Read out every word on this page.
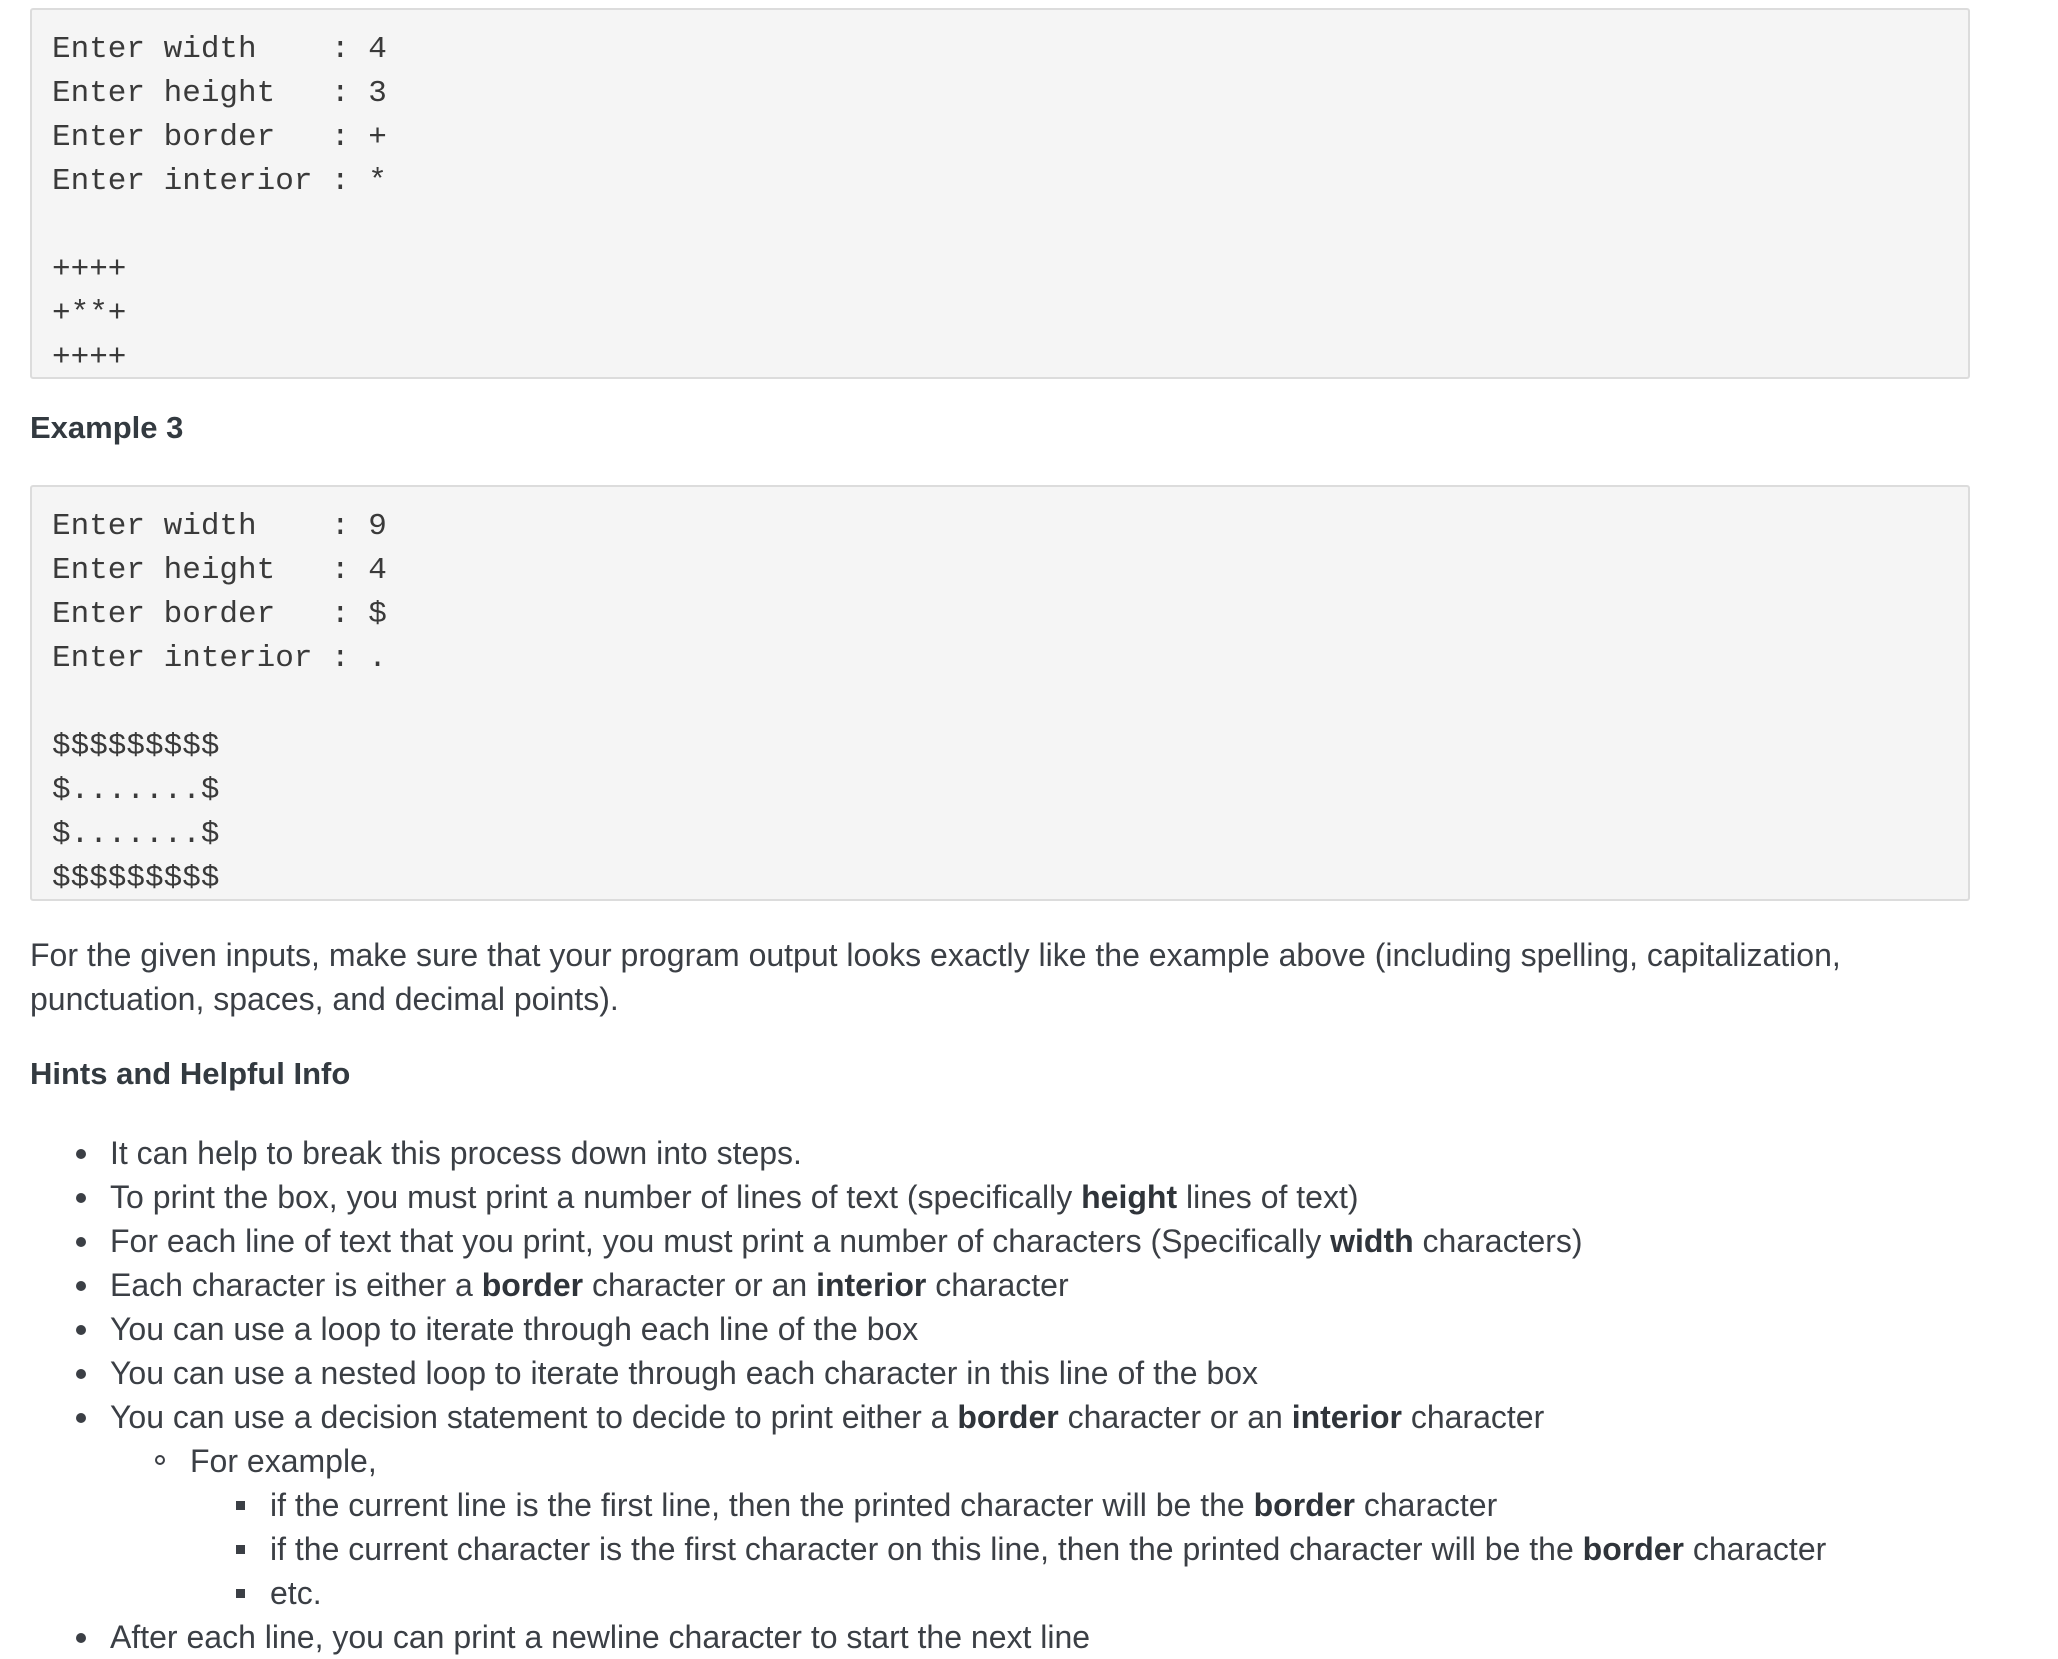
Enter width    : 4
Enter height   : 3
Enter border   : +
Enter interior : *
++++
+**+
++++
Example 3
Enter width    : 9
Enter height   : 4
Enter border   : $
Enter interior : .
$$$$$$$$$
$.......$
$.......$
$$$$$$$$$

For the given inputs, make sure that your program output looks exactly like the example above (including spelling, capitalization, punctuation, spaces, and decimal points).

Hints and Helpful Info
It can help to break this process down into steps.
To print the box, you must print a number of lines of text (specifically height lines of text)
For each line of text that you print, you must print a number of characters (Specifically width characters)
Each character is either a border character or an interior character
You can use a loop to iterate through each line of the box
You can use a nested loop to iterate through each character in this line of the box
You can use a decision statement to decide to print either a border character or an interior character
For example,
if the current line is the first line, then the printed character will be the border character
if the current character is the first character on this line, then the printed character will be the border character
etc.
After each line, you can print a newline character to start the next line
